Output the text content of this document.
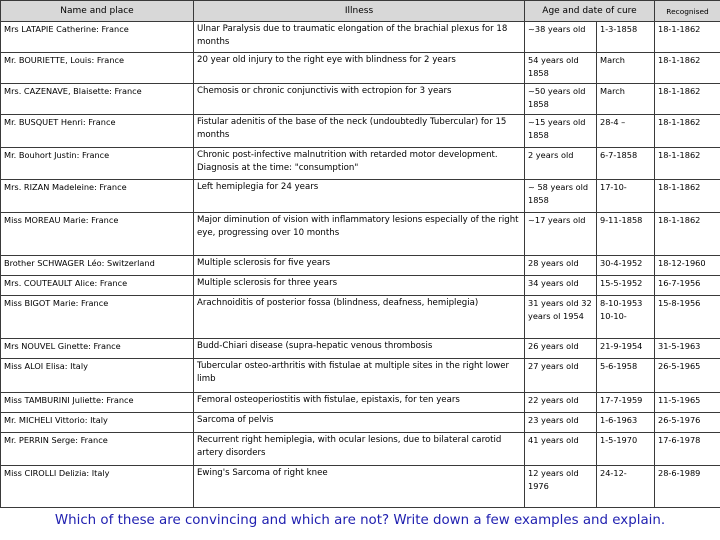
Name and place	Illness	Age and date of cure		Recognised
Mrs LATAPIE Catherine: France	Ulnar Paralysis due to traumatic elongation of the brachial plexus for 18 months	~38 years old	1-3-1858	18-1-1862
Mr. BOURIETTE, Louis: France	20 year old injury to the right eye with blindness for 2 years	54 years old 1858	March	18-1-1862
Mrs. CAZENAVE, Blaisette: France	Chemosis or chronic conjunctivis with ectropion for 3 years	~50 years old 1858	March	18-1-1862
Mr. BUSQUET Henri: France	Fistular adenitis of the base of the neck (undoubtedly Tubercular) for 15 months	~15 years old 1858	28-4 –	18-1-1862
Mr. Bouhort Justin: France	Chronic post-infective malnutrition with retarded motor development. Diagnosis at the time: "consumption"	2 years old	6-7-1858	18-1-1862
Mrs. RIZAN Madeleine: France	Left hemiplegia for 24 years	~ 58 years old 1858	17-10-	18-1-1862
Miss MOREAU Marie: France	Major diminution of vision with inflammatory lesions especially of the right eye, progressing over 10 months	~17 years old	9-11-1858	18-1-1862
Brother SCHWAGER Léo: Switzerland	Multiple sclerosis for five years	28 years old	30-4-1952	18-12-1960
Mrs. COUTEAULT Alice: France	Multiple sclerosis for three years	34 years old	15-5-1952	16-7-1956
Miss BIGOT Marie: France	Arachnoiditis of posterior fossa (blindness, deafness, hemiplegia)	31 years old 32 years ol 1954	8-10-1953 10-10-	15-8-1956
Mrs NOUVEL Ginette: France	Budd-Chiari disease (supra-hepatic venous thrombosis	26 years old	21-9-1954	31-5-1963
Miss ALOI Elisa: Italy	Tubercular osteo-arthritis with fistulae at multiple sites in the right lower limb	27 years old	5-6-1958	26-5-1965
Miss TAMBURINI Juliette: France	Femoral osteoperiostitis with fistulae, epistaxis, for ten years	22 years old	17-7-1959	11-5-1965
Mr. MICHELI Vittorio: Italy	Sarcoma of pelvis	23 years old	1-6-1963	26-5-1976
Mr. PERRIN Serge: France	Recurrent right hemiplegia, with ocular lesions, due to bilateral carotid artery disorders	41 years old	1-5-1970	17-6-1978
Miss CIROLLI Delizia: Italy	Ewing's Sarcoma of right knee	12 years old 1976	24-12-	28-6-1989
Which of these are convincing and which are not? Write down a few examples and explain.
